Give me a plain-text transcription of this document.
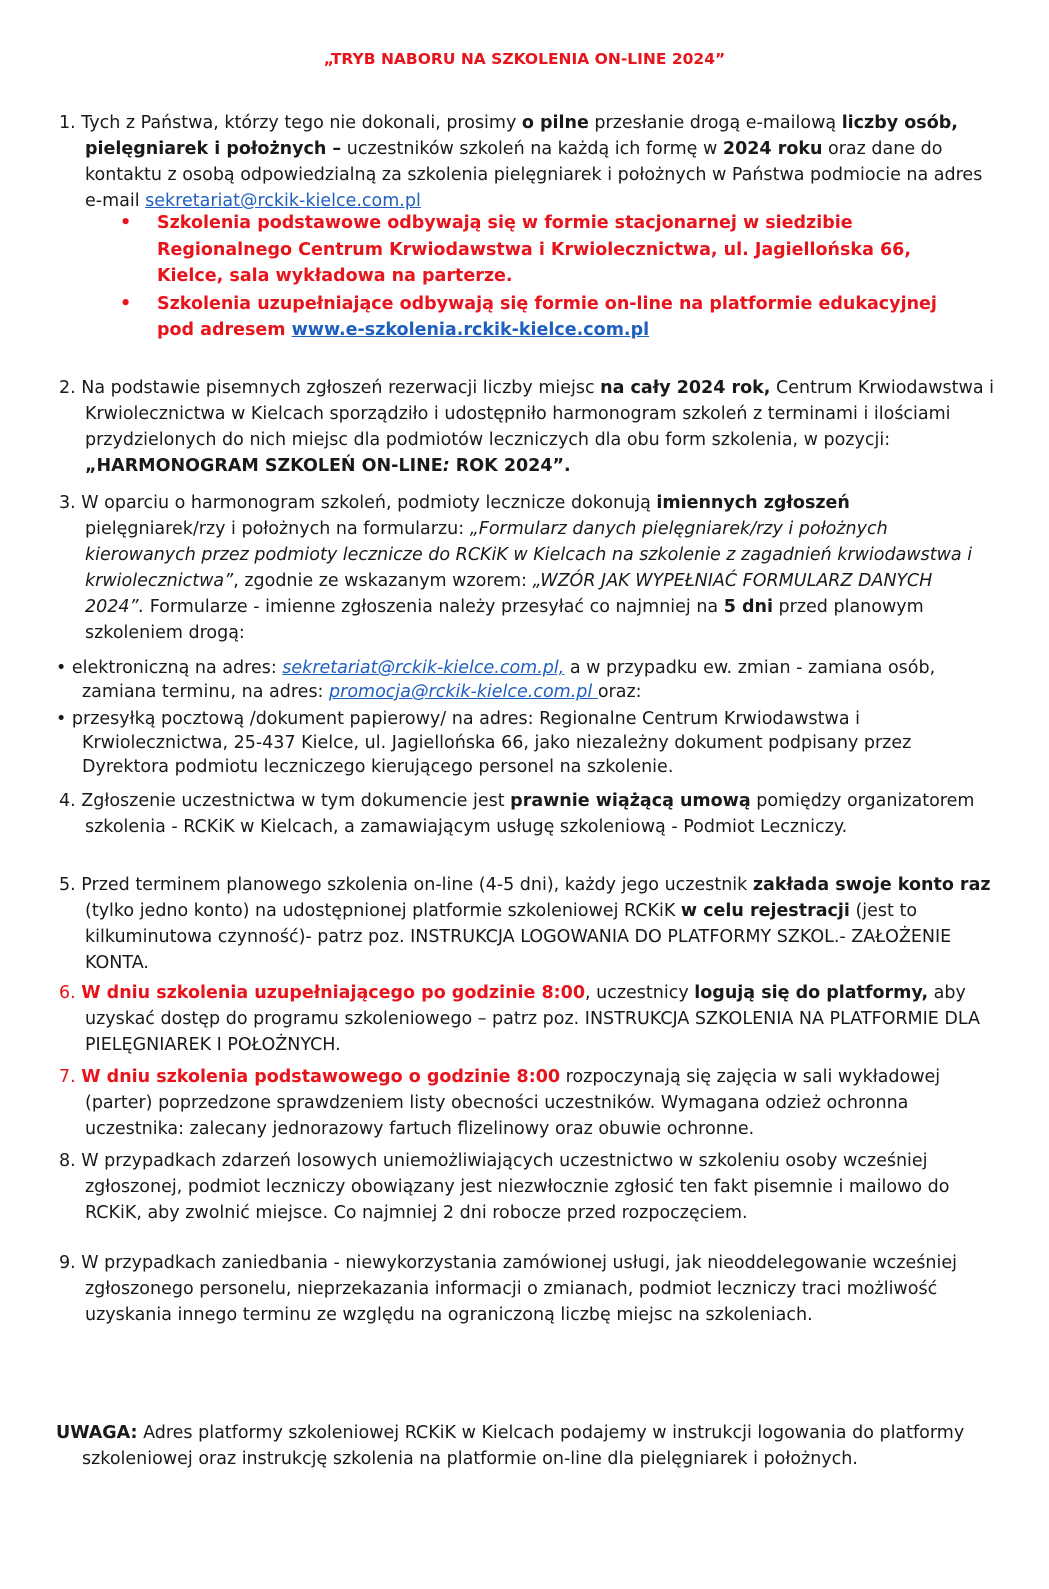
„TRYB NABORU NA SZKOLENIA ON-LINE 2024”
1. Tych z Państwa, którzy tego nie dokonali, prosimy o pilne przesłanie drogą e-mailową liczby osób, pielęgniarek i położnych – uczestników szkoleń na każdą ich formę w 2024 roku oraz dane do kontaktu z osobą odpowiedzialną za szkolenia pielęgniarek i położnych w Państwa podmiocie na adres e-mail sekretariat@rckik-kielce.com.pl
• Szkolenia podstawowe odbywają się w formie stacjonarnej w siedzibie Regionalnego Centrum Krwiodawstwa i Krwiolecznictwa, ul. Jagiellońska 66, Kielce, sala wykładowa na parterze.
• Szkolenia uzupełniające odbywają się formie on-line na platformie edukacyjnej pod adresem www.e-szkolenia.rckik-kielce.com.pl
2. Na podstawie pisemnych zgłoszeń rezerwacji liczby miejsc na cały 2024 rok, Centrum Krwiodawstwa i Krwiolecznictwa w Kielcach sporządziło i udostępniło harmonogram szkoleń z terminami i ilościami przydzielonych do nich miejsc dla podmiotów leczniczych dla obu form szkolenia, w pozycji: „HARMONOGRAM SZKOLEŃ ON-LINE: ROK 2024”.
3. W oparciu o harmonogram szkoleń, podmioty lecznicze dokonują imiennych zgłoszeń pielęgniarek/rzy i położnych na formularzu: „Formularz danych pielęgniarek/rzy i położnych kierowanych przez podmioty lecznicze do RCKiK w Kielcach na szkolenie z zagadnień krwiodawstwa i krwiolecznictwa”, zgodnie ze wskazanym wzorem: „WZÓR JAK WYPEŁNIAĆ FORMULARZ DANYCH 2024”. Formularze - imienne zgłoszenia należy przesyłać co najmniej na 5 dni przed planowym szkoleniem drogą:
• elektroniczną na adres: sekretariat@rckik-kielce.com.pl, a w przypadku ew. zmian - zamiana osób, zamiana terminu, na adres: promocja@rckik-kielce.com.pl oraz:
• przesyłką pocztową /dokument papierowy/ na adres: Regionalne Centrum Krwiodawstwa i Krwiolecznictwa, 25-437 Kielce, ul. Jagiellońska 66, jako niezależny dokument podpisany przez Dyrektora podmiotu leczniczego kierującego personel na szkolenie.
4. Zgłoszenie uczestnictwa w tym dokumencie jest prawnie wiążącą umową pomiędzy organizatorem szkolenia - RCKiK w Kielcach, a zamawiającym usługę szkoleniową - Podmiot Leczniczy.
5. Przed terminem planowego szkolenia on-line (4-5 dni), każdy jego uczestnik zakłada swoje konto raz (tylko jedno konto) na udostępnionej platformie szkoleniowej RCKiK w celu rejestracji (jest to kilkuminutowa czynność)- patrz poz. INSTRUKCJA LOGOWANIA DO PLATFORMY SZKOL.- ZAŁOŻENIE KONTA.
6. W dniu szkolenia uzupełniającego po godzinie 8:00, uczestnicy logują się do platformy, aby uzyskać dostęp do programu szkoleniowego – patrz poz. INSTRUKCJA SZKOLENIA NA PLATFORMIE DLA PIELĘGNIAREK I POŁOŻNYCH.
7. W dniu szkolenia podstawowego o godzinie 8:00 rozpoczynają się zajęcia w sali wykładowej (parter) poprzedzone sprawdzeniem listy obecności uczestników. Wymagana odzież ochronna uczestnika: zalecany jednorazowy fartuch flizelinowy oraz obuwie ochronne.
8. W przypadkach zdarzeń losowych uniemożliwiających uczestnictwo w szkoleniu osoby wcześniej zgłoszonej, podmiot leczniczy obowiązany jest niezwłocznie zgłosić ten fakt pisemnie i mailowo do RCKiK, aby zwolnić miejsce. Co najmniej 2 dni robocze przed rozpoczęciem.
9. W przypadkach zaniedbania - niewykorzystania zamówionej usługi, jak nieoddelegowanie wcześniej zgłoszonego personelu, nieprzekazania informacji o zmianach, podmiot leczniczy traci możliwość uzyskania innego terminu ze względu na ograniczoną liczbę miejsc na szkoleniach.
UWAGA: Adres platformy szkoleniowej RCKiK w Kielcach podajemy w instrukcji logowania do platformy szkoleniowej oraz instrukcję szkolenia na platformie on-line dla pielęgniarek i położnych.
